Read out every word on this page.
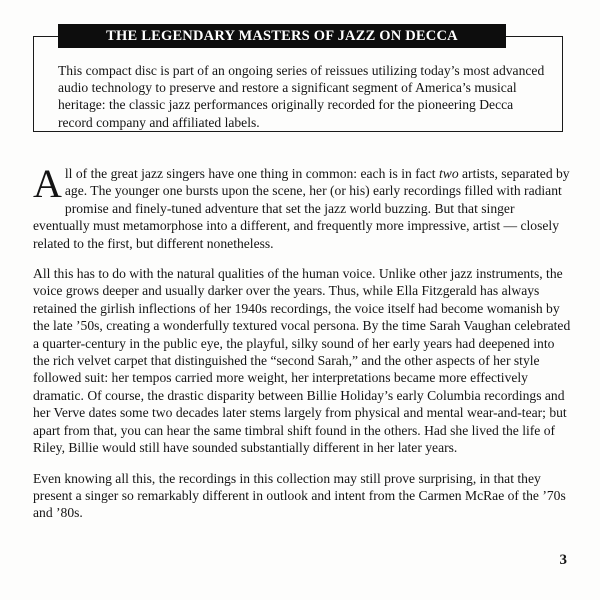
THE LEGENDARY MASTERS OF JAZZ ON DECCA

This compact disc is part of an ongoing series of reissues utilizing today’s most advanced audio technology to preserve and restore a significant segment of America’s musical heritage: the classic jazz performances originally recorded for the pioneering Decca record company and affiliated labels.

All of the great jazz singers have one thing in common: each is in fact two artists, separated by age. The younger one bursts upon the scene, her (or his) early recordings filled with radiant promise and finely-tuned adventure that set the jazz world buzzing. But that singer eventually must metamorphose into a different, and frequently more impressive, artist — closely related to the first, but different nonetheless.

All this has to do with the natural qualities of the human voice. Unlike other jazz instruments, the voice grows deeper and usually darker over the years. Thus, while Ella Fitzgerald has always retained the girlish inflections of her 1940s recordings, the voice itself had become womanish by the late ’50s, creating a wonderfully textured vocal persona. By the time Sarah Vaughan celebrated a quarter-century in the public eye, the playful, silky sound of her early years had deepened into the rich velvet carpet that distinguished the “second Sarah,” and the other aspects of her style followed suit: her tempos carried more weight, her interpretations became more effectively dramatic. Of course, the drastic disparity between Billie Holiday’s early Columbia recordings and her Verve dates some two decades later stems largely from physical and mental wear-and-tear; but apart from that, you can hear the same timbral shift found in the others. Had she lived the life of Riley, Billie would still have sounded substantially different in her later years.

Even knowing all this, the recordings in this collection may still prove surprising, in that they present a singer so remarkably different in outlook and intent from the Carmen McRae of the ’70s and ’80s.

3
